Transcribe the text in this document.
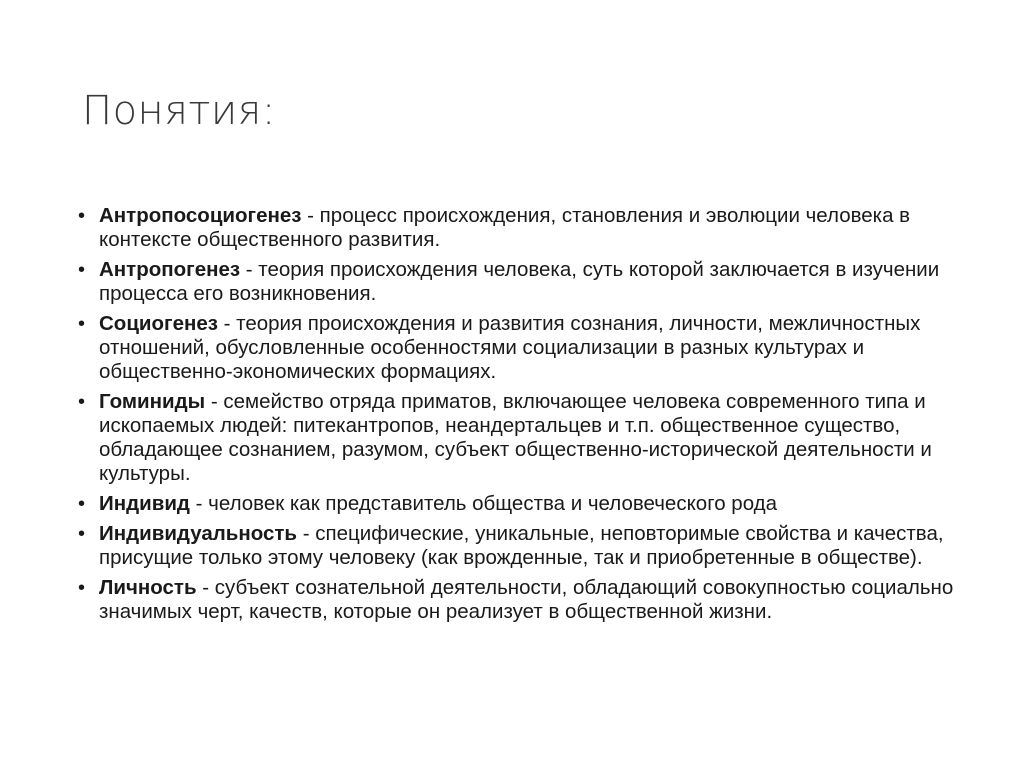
Понятия:
• Антропосоциогенез - процесс происхождения, становления и эволюции человека в контексте общественного развития.
• Антропогенез - теория происхождения человека, суть которой заключается в изучении процесса его возникновения.
• Социогенез - теория происхождения и развития сознания, личности, межличностных отношений, обусловленные особенностями социализации в разных культурах и общественно-экономических формациях.
• Гоминиды - семейство отряда приматов, включающее человека современного типа и ископаемых людей: питекантропов, неандертальцев и т.п. общественное существо, обладающее сознанием, разумом, субъект общественно-исторической деятельности и культуры.
• Индивид - человек как представитель общества и человеческого рода
• Индивидуальность - специфические, уникальные, неповторимые свойства и качества, присущие только этому человеку (как врожденные, так и приобретенные в обществе).
• Личность - субъект сознательной деятельности, обладающий совокупностью социально значимых черт, качеств, которые он реализует в общественной жизни.
